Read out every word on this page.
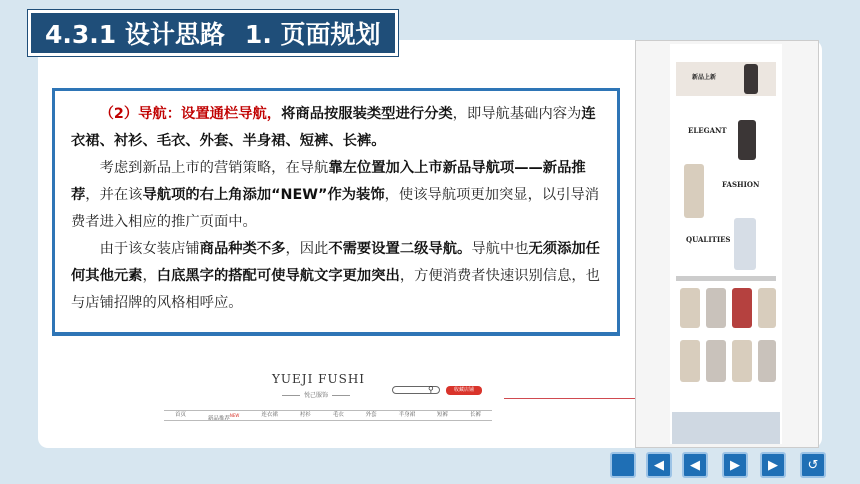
4.3.1 设计思路 1. 页面规划

（2）导航：设置通栏导航，将商品按服装类型进行分类，即导航基础内容为连衣裙、衬衫、毛衣、外套、半身裙、短裤、长裤。

考虑到新品上市的营销策略，在导航靠左位置加入上市新品导航项——新品推荐，并在该导航项的右上角添加“NEW”作为装饰，使该导航项更加突显，以引导消费者进入相应的推广页面中。

由于该女装店铺商品种类不多，因此不需要设置二级导航。导航中也无须添加任何其他元素，白底黑字的搭配可使导航文字更加突出，方便消费者快速识别信息，也与店铺招牌的风格相呼应。

YUEJI FUSHI
悦己服饰
⚲	收藏店铺
首页
新品推荐$^{NEW}$	连衣裙	衬衫	毛衣	外套	半身裙	短裤	长裤
新品上新
ELEGANT
FASHION
QUALITIES
◀	◀	▶	▶	↺
